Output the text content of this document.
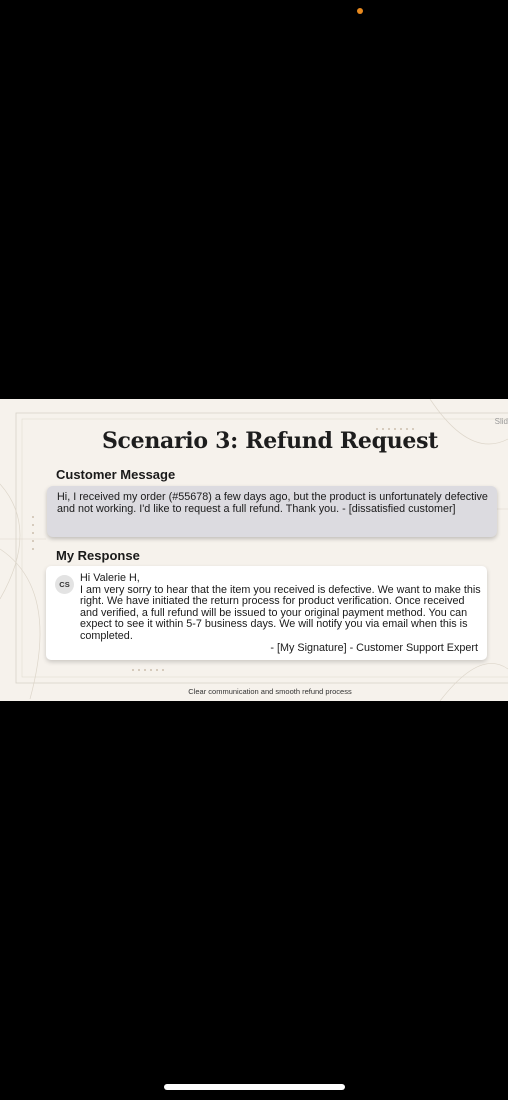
Slid
Scenario 3: Refund Request
Customer Message
Hi, I received my order (#55678) a few days ago, but the product is unfortunately defective and not working. I'd like to request a full refund. Thank you. - [dissatisfied customer]
My Response
CS
Hi Valerie H,
I am very sorry to hear that the item you received is defective. We want to make this right. We have initiated the return process for product verification. Once received and verified, a full refund will be issued to your original payment method. You can expect to see it within 5-7 business days. We will notify you via email when this is completed.
- [My Signature] - Customer Support Expert
Clear communication and smooth refund process
